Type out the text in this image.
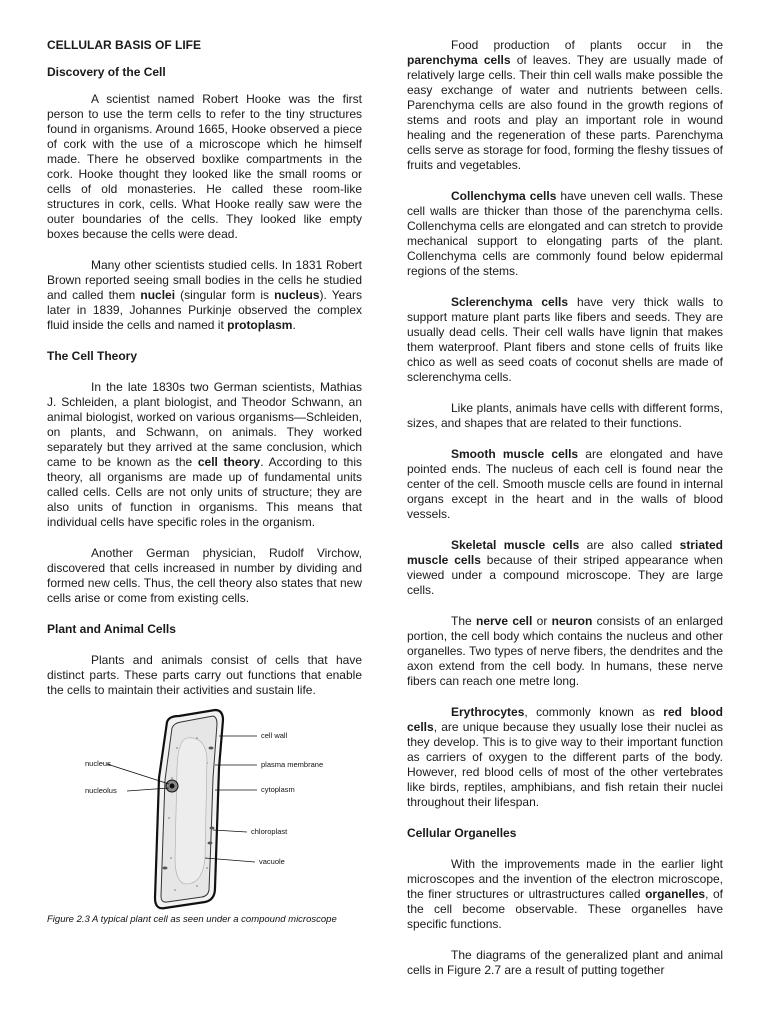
CELLULAR BASIS OF LIFE
Discovery of the Cell

A scientist named Robert Hooke was the first person to use the term cells to refer to the tiny structures found in organisms. Around 1665, Hooke observed a piece of cork with the use of a microscope which he himself made. There he observed boxlike compartments in the cork. Hooke thought they looked like the small rooms or cells of old monasteries. He called these room-like structures in cork, cells. What Hooke really saw were the outer boundaries of the cells. They looked like empty boxes because the cells were dead.

Many other scientists studied cells. In 1831 Robert Brown reported seeing small bodies in the cells he studied and called them nuclei (singular form is nucleus). Years later in 1839, Johannes Purkinje observed the complex fluid inside the cells and named it protoplasm.

The Cell Theory

In the late 1830s two German scientists, Mathias J. Schleiden, a plant biologist, and Theodor Schwann, an animal biologist, worked on various organisms—Schleiden, on plants, and Schwann, on animals. They worked separately but they arrived at the same conclusion, which came to be known as the cell theory. According to this theory, all organisms are made up of fundamental units called cells. Cells are not only units of structure; they are also units of function in organisms. This means that individual cells have specific roles in the organism.

Another German physician, Rudolf Virchow, discovered that cells increased in number by dividing and formed new cells. Thus, the cell theory also states that new cells arise or come from existing cells.

Plant and Animal Cells

Plants and animals consist of cells that have distinct parts. These parts carry out functions that enable the cells to maintain their activities and sustain life.

cell wall
nucleus	plasma membrane
nucleolus	cytoplasm
chloroplast
vacuole
Figure 2.3 A typical plant cell as seen under a compound microscope

Food production of plants occur in the parenchyma cells of leaves. They are usually made of relatively large cells. Their thin cell walls make possible the easy exchange of water and nutrients between cells. Parenchyma cells are also found in the growth regions of stems and roots and play an important role in wound healing and the regeneration of these parts. Parenchyma cells serve as storage for food, forming the fleshy tissues of fruits and vegetables.

Collenchyma cells have uneven cell walls. These cell walls are thicker than those of the parenchyma cells. Collenchyma cells are elongated and can stretch to provide mechanical support to elongating parts of the plant. Collenchyma cells are commonly found below epidermal regions of the stems.

Sclerenchyma cells have very thick walls to support mature plant parts like fibers and seeds. They are usually dead cells. Their cell walls have lignin that makes them waterproof. Plant fibers and stone cells of fruits like chico as well as seed coats of coconut shells are made of sclerenchyma cells.

Like plants, animals have cells with different forms, sizes, and shapes that are related to their functions.

Smooth muscle cells are elongated and have pointed ends. The nucleus of each cell is found near the center of the cell. Smooth muscle cells are found in internal organs except in the heart and in the walls of blood vessels.

Skeletal muscle cells are also called striated muscle cells because of their striped appearance when viewed under a compound microscope. They are large cells.

The nerve cell or neuron consists of an enlarged portion, the cell body which contains the nucleus and other organelles. Two types of nerve fibers, the dendrites and the axon extend from the cell body. In humans, these nerve fibers can reach one metre long.

Erythrocytes, commonly known as red blood cells, are unique because they usually lose their nuclei as they develop. This is to give way to their important function as carriers of oxygen to the different parts of the body. However, red blood cells of most of the other vertebrates like birds, reptiles, amphibians, and fish retain their nuclei throughout their lifespan.

Cellular Organelles

With the improvements made in the earlier light microscopes and the invention of the electron microscope, the finer structures or ultrastructures called organelles, of the cell become observable. These organelles have specific functions.

The diagrams of the generalized plant and animal cells in Figure 2.7 are a result of putting together
